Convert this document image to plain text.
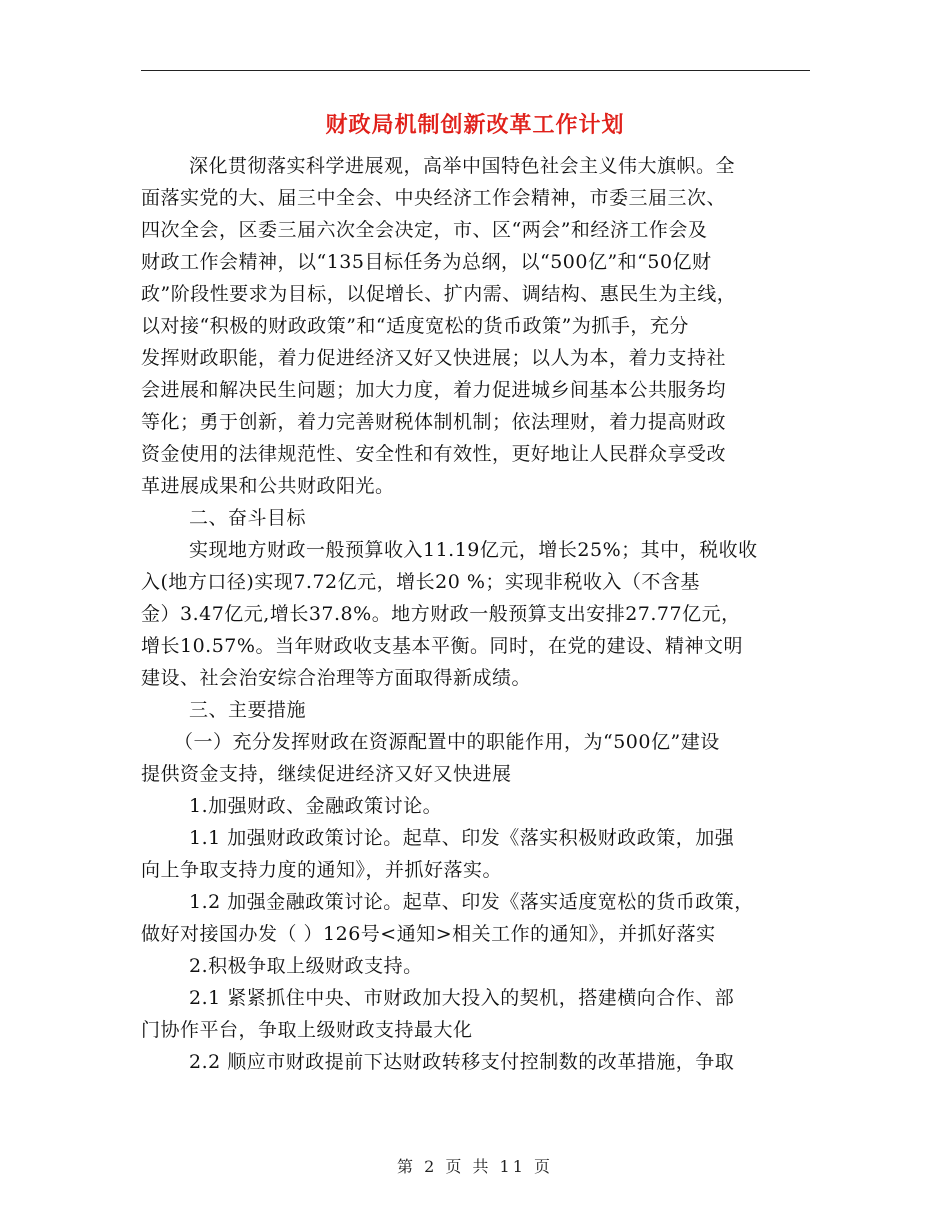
财政局机制创新改革工作计划
深化贯彻落实科学进展观，高举中国特色社会主义伟大旗帜。全
面落实党的大、届三中全会、中央经济工作会精神，市委三届三次、
四次全会，区委三届六次全会决定，市、区“两会”和经济工作会及
财政工作会精神，以“135目标任务为总纲，以“500亿”和“50亿财
政”阶段性要求为目标，以促增长、扩内需、调结构、惠民生为主线，
以对接“积极的财政政策”和“适度宽松的货币政策”为抓手，充分
发挥财政职能，着力促进经济又好又快进展；以人为本，着力支持社
会进展和解决民生问题；加大力度，着力促进城乡间基本公共服务均
等化；勇于创新，着力完善财税体制机制；依法理财，着力提高财政
资金使用的法律规范性、安全性和有效性，更好地让人民群众享受改
革进展成果和公共财政阳光。
二、奋斗目标
实现地方财政一般预算收入11.19亿元，增长25%；其中，税收收
入(地方口径)实现7.72亿元，增长20 %；实现非税收入（不含基
金）3.47亿元,增长37.8%。地方财政一般预算支出安排27.77亿元，
增长10.57%。当年财政收支基本平衡。同时，在党的建设、精神文明
建设、社会治安综合治理等方面取得新成绩。
三、主要措施
（一）充分发挥财政在资源配置中的职能作用，为“500亿”建设
提供资金支持，继续促进经济又好又快进展
1.加强财政、金融政策讨论。
1.1 加强财政政策讨论。起草、印发《落实积极财政政策，加强
向上争取支持力度的通知》，并抓好落实。
1.2 加强金融政策讨论。起草、印发《落实适度宽松的货币政策，
做好对接国办发（ ）126号<通知>相关工作的通知》，并抓好落实
2.积极争取上级财政支持。
2.1 紧紧抓住中央、市财政加大投入的契机，搭建横向合作、部
门协作平台，争取上级财政支持最大化
2.2 顺应市财政提前下达财政转移支付控制数的改革措施，争取
第 2 页 共 11 页
